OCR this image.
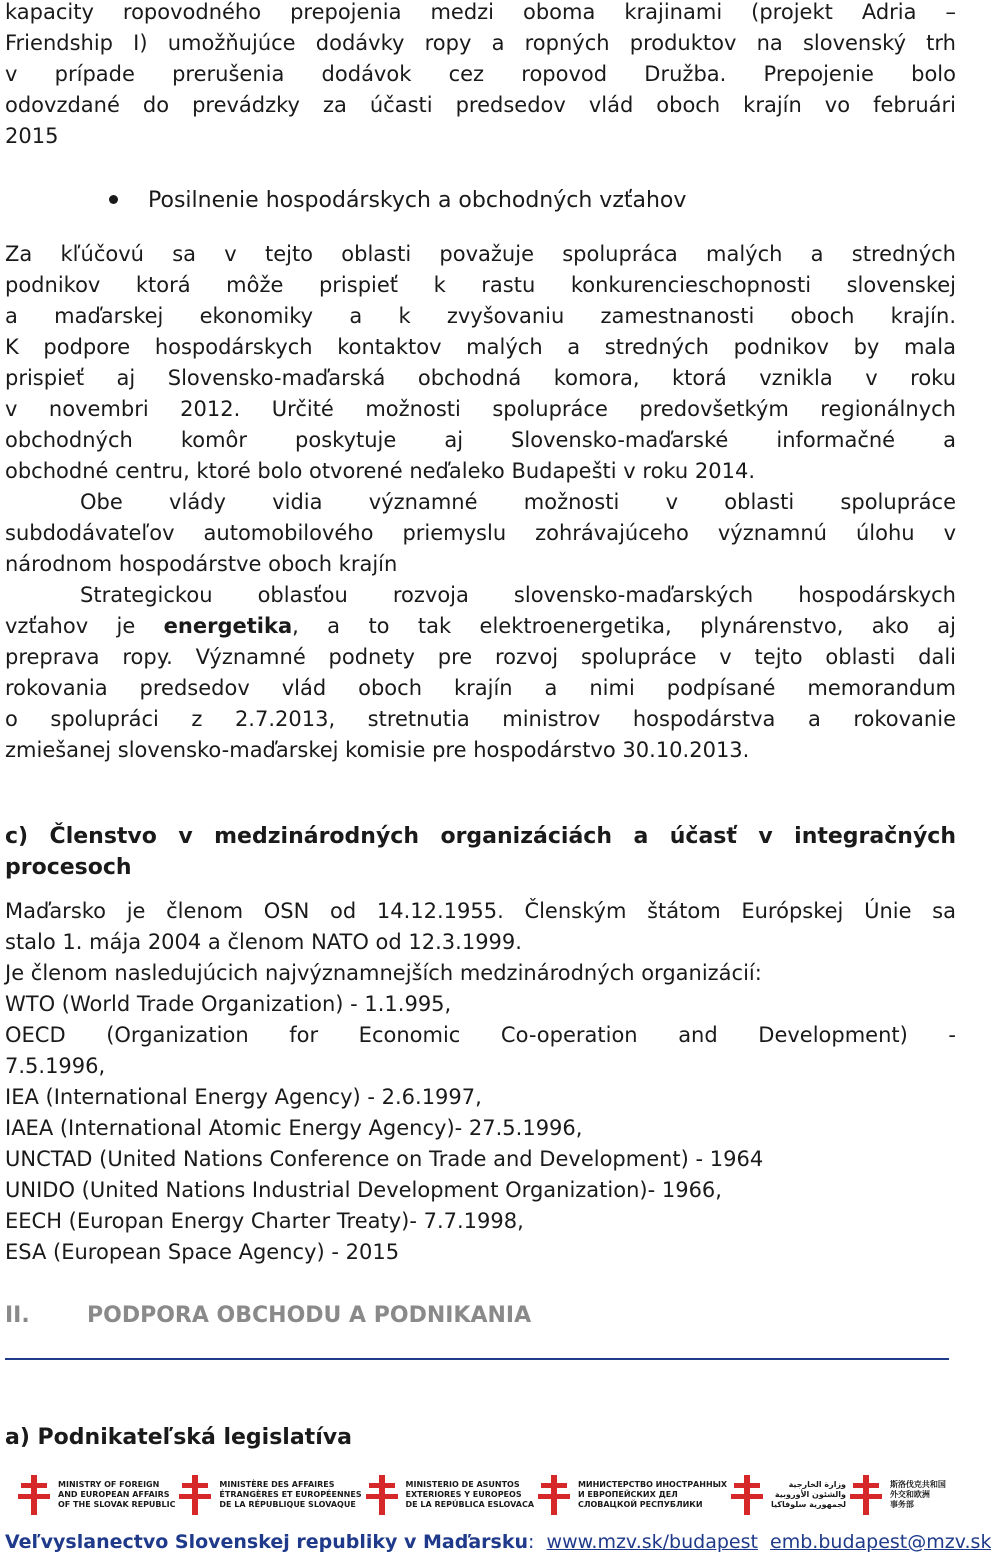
kapacity ropovodného prepojenia medzi oboma krajinami (projekt Adria –
Friendship I) umožňujúce dodávky ropy a ropných produktov na slovenský trh
v prípade prerušenia dodávok cez ropovod Družba. Prepojenie bolo
odovzdané do prevádzky za účasti predsedov vlád oboch krajín vo februári
2015
Posilnenie hospodárskych a obchodných vzťahov
Za kľúčovú sa v tejto oblasti považuje spolupráca malých a stredných
podnikov ktorá môže prispieť k rastu konkurencieschopnosti slovenskej
a maďarskej ekonomiky a k zvyšovaniu zamestnanosti oboch krajín.
K podpore hospodárskych kontaktov malých a stredných podnikov by mala
prispieť aj Slovensko-maďarská obchodná komora, ktorá vznikla v roku
v novembri 2012. Určité možnosti spolupráce predovšetkým regionálnych
obchodných komôr poskytuje aj Slovensko-maďarské informačné a
obchodné centru, ktoré bolo otvorené neďaleko Budapešti v roku 2014.
Obe vlády vidia významné možnosti v oblasti spolupráce
subdodávateľov automobilového priemyslu zohrávajúceho významnú úlohu v
národnom hospodárstve oboch krajín
Strategickou oblasťou rozvoja slovensko-maďarských hospodárskych
vzťahov je energetika, a to tak elektroenergetika, plynárenstvo, ako aj
preprava ropy. Významné podnety pre rozvoj spolupráce v tejto oblasti dali
rokovania predsedov vlád oboch krajín a nimi podpísané memorandum
o spolupráci z 2.7.2013, stretnutia ministrov hospodárstva a rokovanie
zmiešanej slovensko-maďarskej komisie pre hospodárstvo 30.10.2013.
c) Členstvo v medzinárodných organizáciách a účasť v integračných
procesoch
Maďarsko je členom OSN od 14.12.1955. Členským štátom Európskej Únie sa
stalo 1. mája 2004 a členom NATO od 12.3.1999.
Je členom nasledujúcich najvýznamnejších medzinárodných organizácií:
WTO (World Trade Organization) - 1.1.995,
OECD (Organization for Economic Co-operation and Development) -
7.5.1996,
IEA (International Energy Agency) - 2.6.1997,
IAEA (International Atomic Energy Agency)- 27.5.1996,
UNCTAD (United Nations Conference on Trade and Development) - 1964
UNIDO (United Nations Industrial Development Organization)- 1966,
EECH (Europan Energy Charter Treaty)- 7.7.1998,
ESA (European Space Agency) - 2015
II.	PODPORA OBCHODU A PODNIKANIA
a) Podnikateľská legislatíva
MINISTRY OF FOREIGN
AND EUROPEAN AFFAIRS
OF THE SLOVAK REPUBLIC
MINISTÈRE DES AFFAIRES
ÉTRANGÈRES ET EUROPÉENNES
DE LA RÉPUBLIQUE SLOVAQUE
MINISTERIO DE ASUNTOS
EXTERIORES Y EUROPEOS
DE LA REPÚBLICA ESLOVACA
МИНИСТЕРСТВО ИНОСТРАННЫХ
И ЕВРОПЕЙСКИХ ДЕЛ
СЛОВАЦКОЙ РЕСПУБЛИКИ
وزارة الخارجية
والشئون الأوروبية
لجمهورية سلوفاكيا
斯洛伐克共和国
外交和欧洲
事务部
Veľvyslanectvo Slovenskej republiky v Maďarsku: www.mzv.sk/budapest emb.budapest@mzv.sk
